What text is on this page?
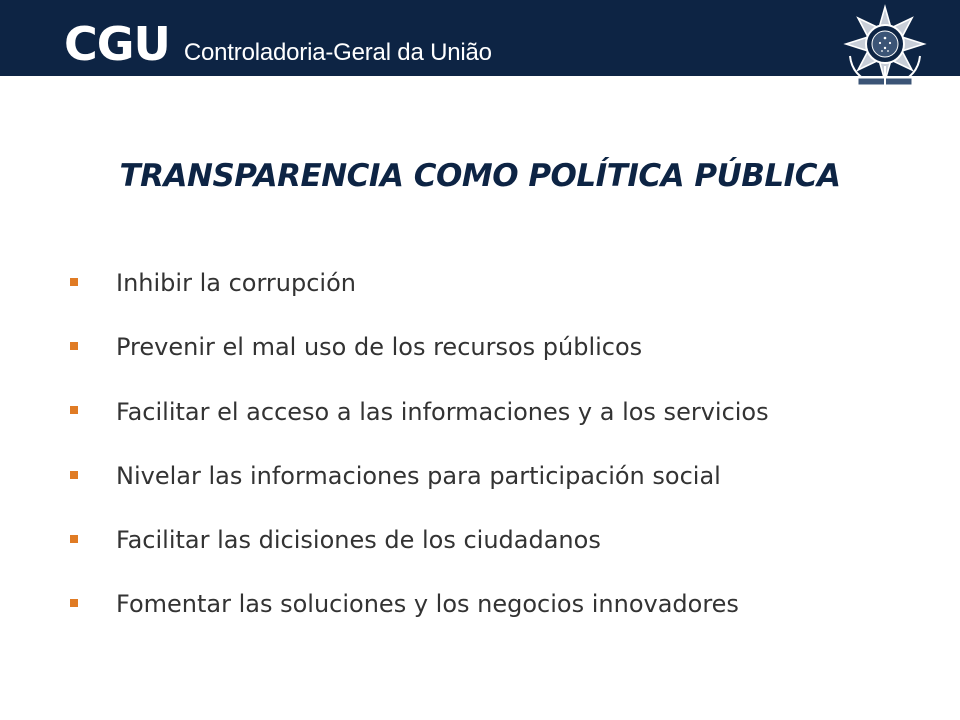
CGU Controladoria-Geral da União
TRANSPARENCIA COMO POLÍTICA PÚBLICA
Inhibir la corrupción
Prevenir el mal uso de los recursos públicos
Facilitar el acceso a las informaciones y a los servicios
Nivelar las informaciones para participación social
Facilitar las dicisiones de los ciudadanos
Fomentar las soluciones y los negocios innovadores
